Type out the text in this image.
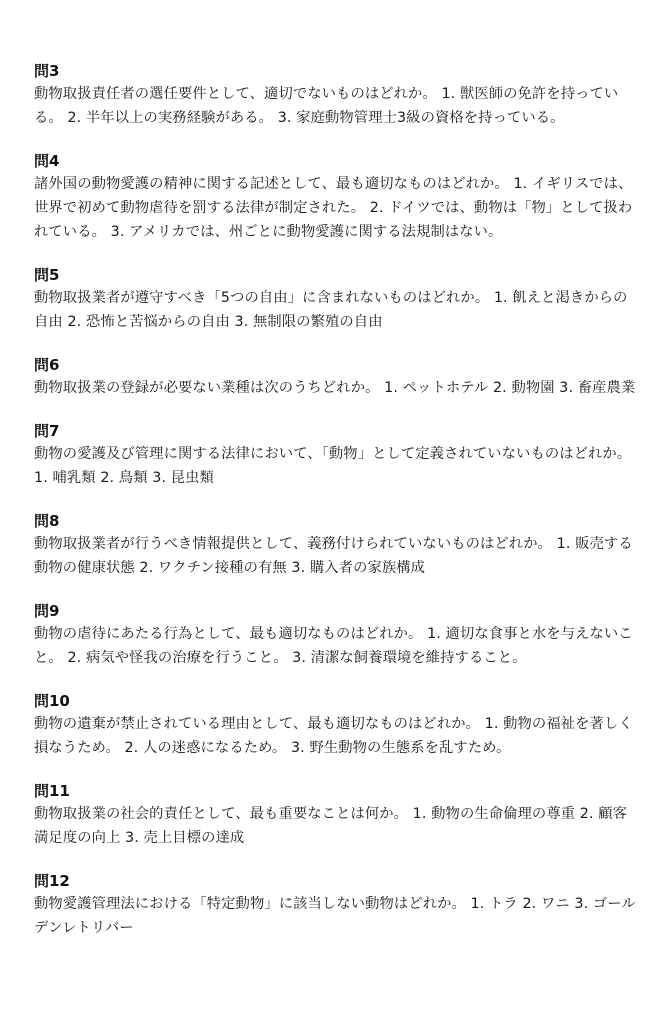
問3

動物取扱責任者の選任要件として、適切でないものはどれか。 1. 獣医師の免許を持っている。 2. 半年以上の実務経験がある。 3. 家庭動物管理士3級の資格を持っている。

問4

諸外国の動物愛護の精神に関する記述として、最も適切なものはどれか。 1. イギリスでは、世界で初めて動物虐待を罰する法律が制定された。 2. ドイツでは、動物は「物」として扱われている。 3. アメリカでは、州ごとに動物愛護に関する法規制はない。

問5

動物取扱業者が遵守すべき「5つの自由」に含まれないものはどれか。 1. 飢えと渇きからの自由 2. 恐怖と苦悩からの自由 3. 無制限の繁殖の自由

問6

動物取扱業の登録が必要ない業種は次のうちどれか。 1. ペットホテル 2. 動物園 3. 畜産農業

問7

動物の愛護及び管理に関する法律において、「動物」として定義されていないものはどれか。 1. 哺乳類 2. 鳥類 3. 昆虫類

問8

動物取扱業者が行うべき情報提供として、義務付けられていないものはどれか。 1. 販売する動物の健康状態 2. ワクチン接種の有無 3. 購入者の家族構成

問9

動物の虐待にあたる行為として、最も適切なものはどれか。 1. 適切な食事と水を与えないこと。 2. 病気や怪我の治療を行うこと。 3. 清潔な飼養環境を維持すること。

問10

動物の遺棄が禁止されている理由として、最も適切なものはどれか。 1. 動物の福祉を著しく損なうため。 2. 人の迷惑になるため。 3. 野生動物の生態系を乱すため。

問11

動物取扱業の社会的責任として、最も重要なことは何か。 1. 動物の生命倫理の尊重 2. 顧客満足度の向上 3. 売上目標の達成

問12

動物愛護管理法における「特定動物」に該当しない動物はどれか。 1. トラ 2. ワニ 3. ゴールデンレトリバー
